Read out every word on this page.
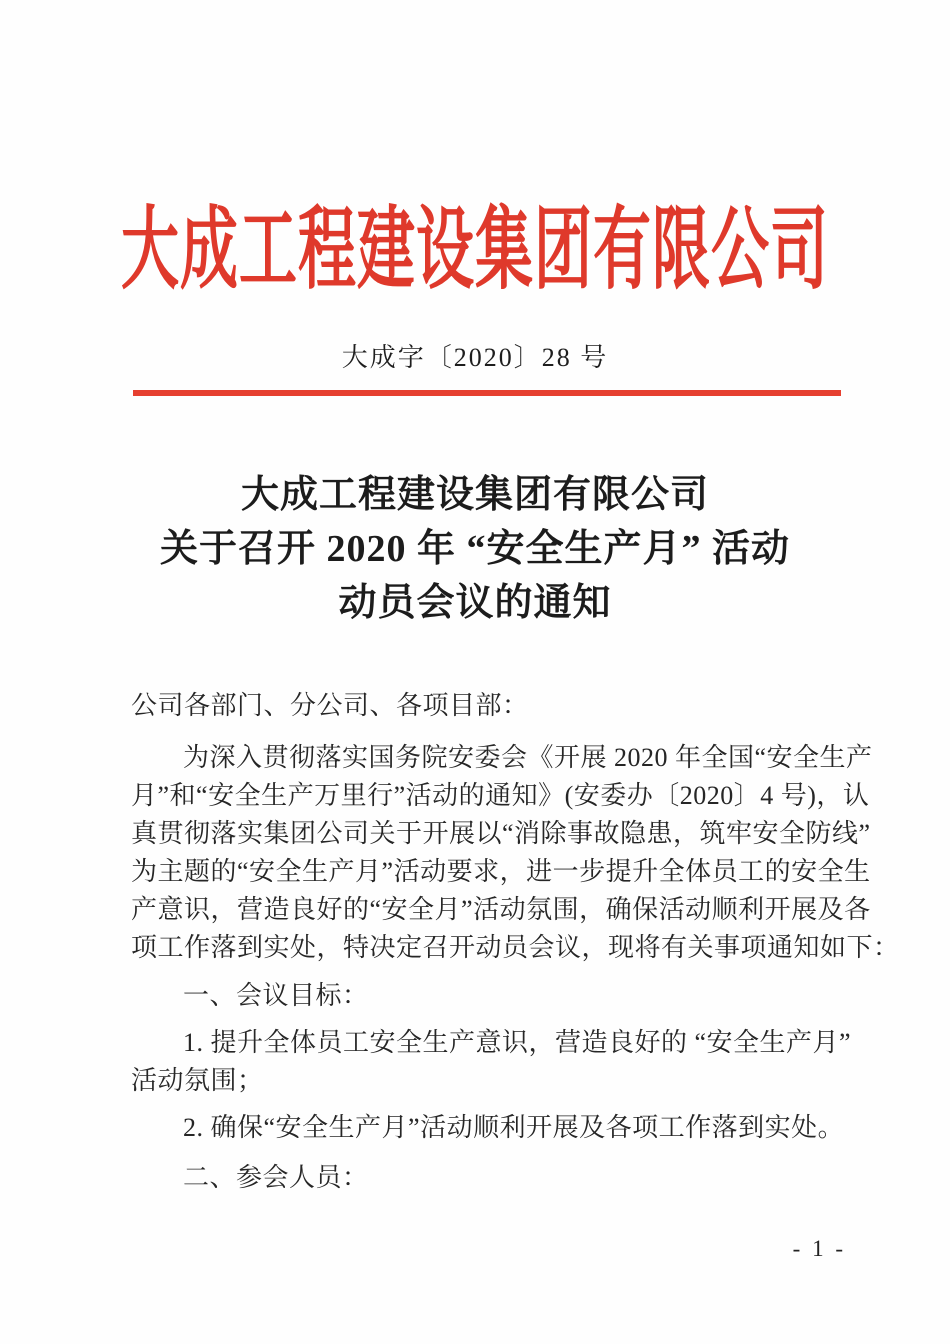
大成工程建设集团有限公司
大成字〔2020〕28 号
大成工程建设集团有限公司
关于召开 2020 年 “安全生产月” 活动
动员会议的通知
公司各部门、分公司、各项目部：
为深入贯彻落实国务院安委会《开展 2020 年全国“安全生产
月”和“安全生产万里行”活动的通知》(安委办〔2020〕4 号)，认
真贯彻落实集团公司关于开展以“消除事故隐患，筑牢安全防线”
为主题的“安全生产月”活动要求，进一步提升全体员工的安全生
产意识，营造良好的“安全月”活动氛围，确保活动顺利开展及各
项工作落到实处，特决定召开动员会议，现将有关事项通知如下：
一、会议目标：
1. 提升全体员工安全生产意识，营造良好的 “安全生产月”
活动氛围；
2. 确保“安全生产月”活动顺利开展及各项工作落到实处。
二、参会人员：
- 1 -
